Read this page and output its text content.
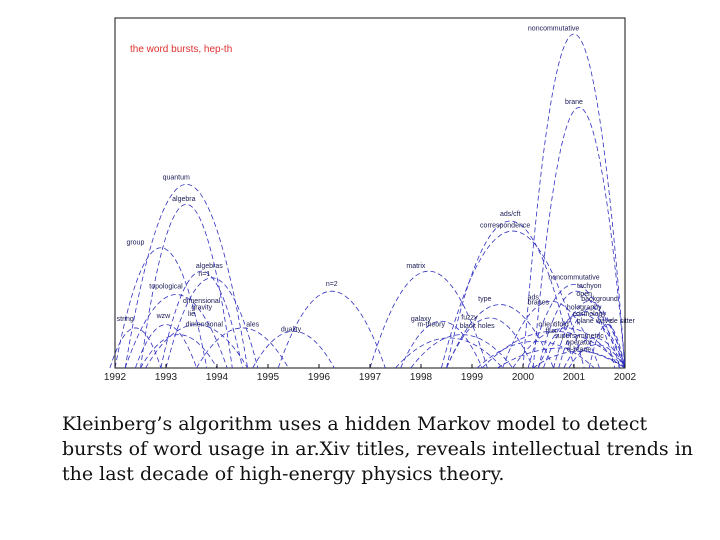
the word bursts, hep-th
noncommutative
brane
quantum
algebra
ads/cft
correspondence
group
algebras
n=1
topological
matrix
n=2
noncommutative
tachyon
type	ads
branes
open
background
string	wzw
dimensional
gravity
lie
dimensional	ales
duality
galaxy
m-theory
fuzzy
black holes
holography
cosmology
plane wave
orientifold
flux
supersymmetric
operator
de sitter
d-brane
1992	1993	1994	1995	1996	1997	1998	1999	2000	2001	2002
Kleinberg’s algorithm uses a hidden Markov model to detect bursts of word usage in ar.Xiv titles, reveals intellectual trends in the last decade of high-energy physics theory.
